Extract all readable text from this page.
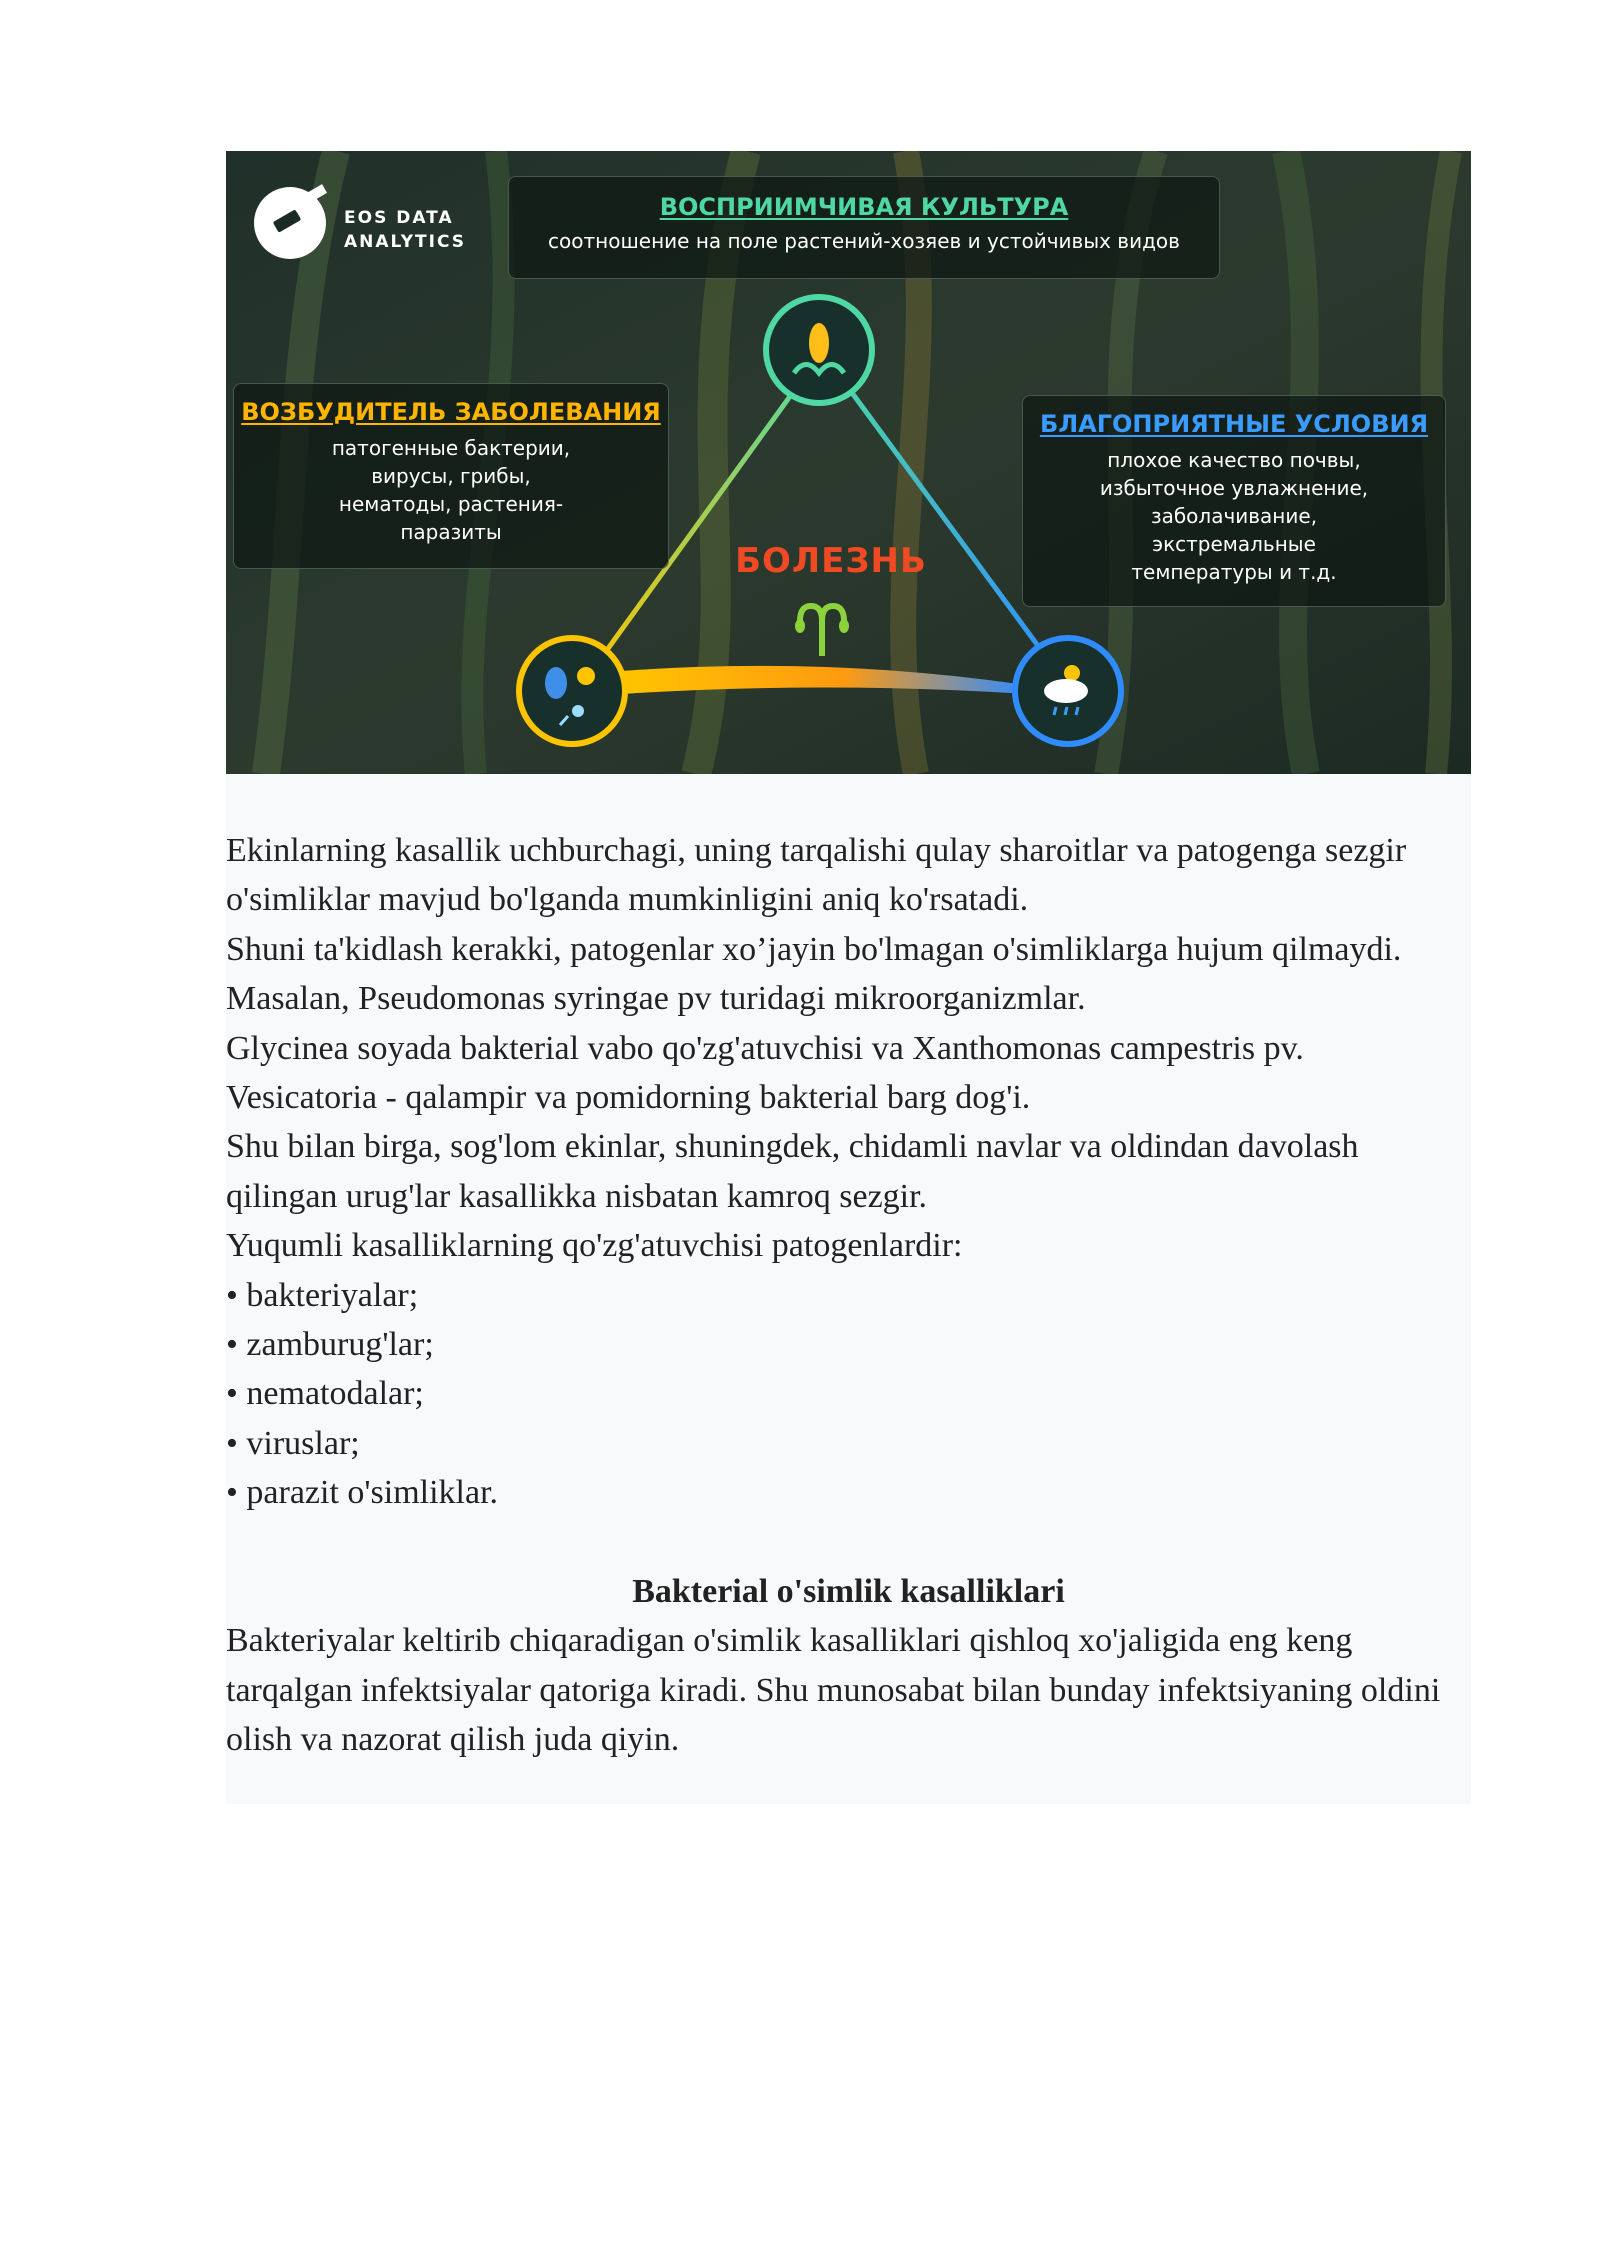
EOS DATA
ANALYTICS
ВОСПРИИМЧИВАЯ КУЛЬТУРА
соотношение на поле растений-хозяев и устойчивых видов
ВОЗБУДИТЕЛЬ ЗАБОЛЕВАНИЯ
патогенные бактерии,
вирусы, грибы,
нематоды, растения-
паразиты
БЛАГОПРИЯТНЫЕ УСЛОВИЯ
плохое качество почвы,
избыточное увлажнение,
заболачивание,
экстремальные
температуры и т.д.
БОЛЕЗНЬ

Ekinlarning kasallik uchburchagi, uning tarqalishi qulay sharoitlar va patogenga sezgir o'simliklar mavjud bo'lganda mumkinligini aniq ko'rsatadi.

Shuni ta'kidlash kerakki, patogenlar xo’jayin bo'lmagan o'simliklarga hujum qilmaydi.

Masalan, Pseudomonas syringae pv turidagi mikroorganizmlar.

Glycinea soyada bakterial vabo qo'zg'atuvchisi va Xanthomonas campestris pv.

Vesicatoria - qalampir va pomidorning bakterial barg dog'i.

Shu bilan birga, sog'lom ekinlar, shuningdek, chidamli navlar va oldindan davolash qilingan urug'lar kasallikka nisbatan kamroq sezgir.

Yuqumli kasalliklarning qo'zg'atuvchisi patogenlardir:

• bakteriyalar;

• zamburug'lar;

• nematodalar;

• viruslar;

• parazit o'simliklar.

Bakterial o'simlik kasalliklari

Bakteriyalar keltirib chiqaradigan o'simlik kasalliklari qishloq xo'jaligida eng keng tarqalgan infektsiyalar qatoriga kiradi. Shu munosabat bilan bunday infektsiyaning oldini olish va nazorat qilish juda qiyin.
